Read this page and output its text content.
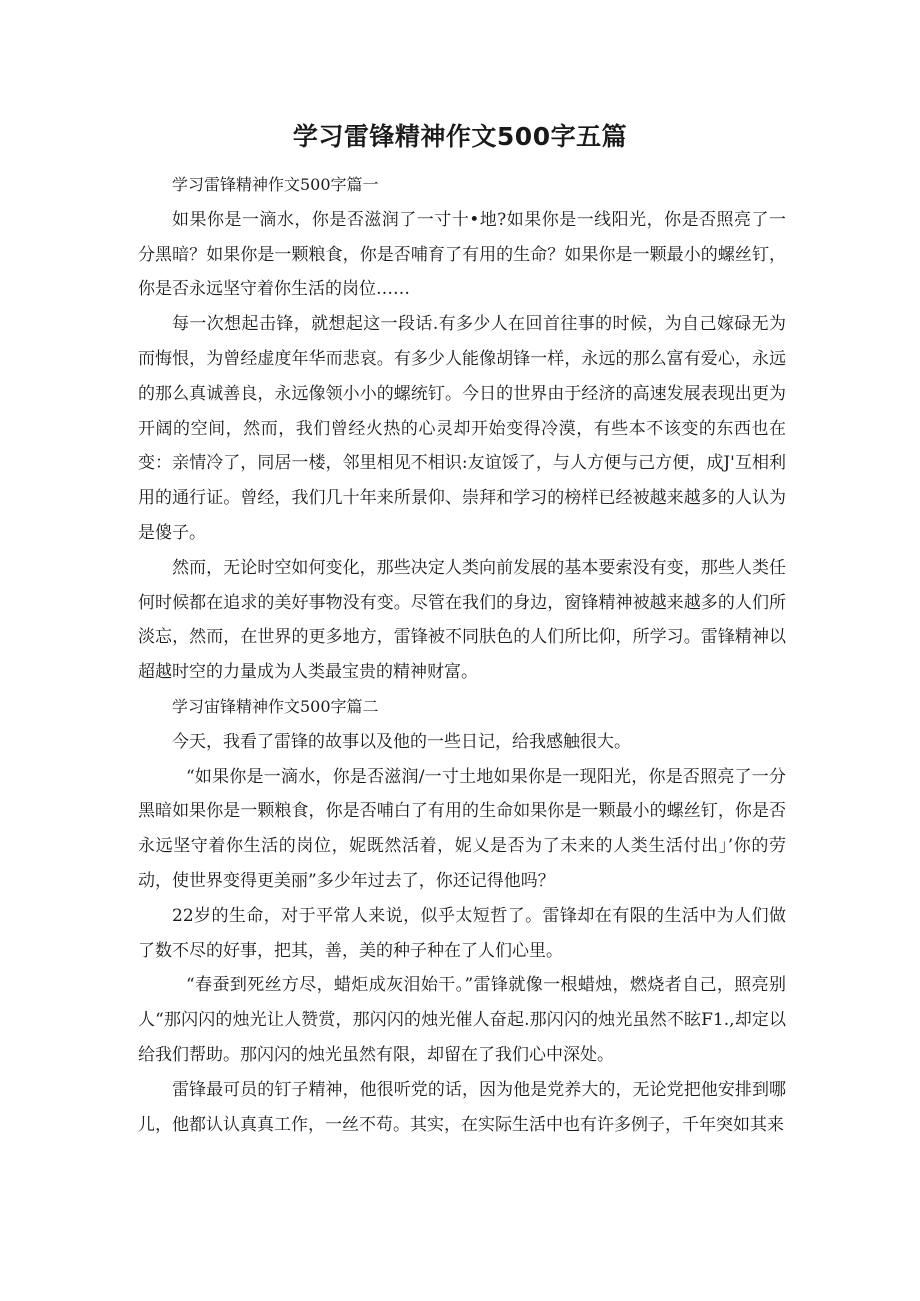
学习雷锋精神作文500字五篇

学习雷锋精神作文500字篇一

如果你是一滴水，你是否滋润了一寸十•地?如果你是一线阳光，你是否照亮了一分黑暗？如果你是一颗粮食，你是否哺育了有用的生命？如果你是一颗最小的螺丝钉，你是否永远坚守着你生活的岗位……

每一次想起击锋，就想起这一段话.有多少人在回首往事的时候，为自己嫁碌无为而悔恨，为曾经虚度年华而悲哀。有多少人能像胡锋一样，永远的那么富有爱心，永远的那么真诚善良，永远像领小小的螺统钉。今日的世界由于经济的高速发展表现出更为开阔的空间，然而，我们曾经火热的心灵却开始变得冷漠，有些本不该变的东西也在变：亲情冷了，同居一楼，邻里相见不相识:友谊馁了，与人方便与己方便，成J'互相利用的通行证。曾经，我们几十年来所景仰、崇拜和学习的榜样已经被越来越多的人认为是傻子。

然而，无论时空如何变化，那些决定人类向前发展的基本要索没有变，那些人类任何时候都在追求的美好事物没有变。尽管在我们的身边，窗锋精神被越来越多的人们所淡忘，然而，在世界的更多地方，雷锋被不同肤色的人们所比仰，所学习。雷锋精神以超越时空的力量成为人类最宝贵的精神财富。

学习宙锋精神作文500字篇二

今天，我看了雷锋的故事以及他的一些日记，给我感触很大。

“如果你是一滴水，你是否滋润/一寸土地如果你是一现阳光，你是否照亮了一分黑暗如果你是一颗粮食，你是否哺白了有用的生命如果你是一颗最小的螺丝钉，你是否永远坚守着你生活的岗位，妮既然活着，妮乂是否为了未来的人类生活付出」’你的劳动，使世界变得更美丽”多少年过去了，你还记得他吗？

22岁的生命，对于平常人来说，似乎太短哲了。雷锋却在有限的生活中为人们做了数不尽的好事，把其，善，美的种子种在了人们心里。

“春蚕到死丝方尽，蜡炬成灰泪始干。”雷锋就像一根蜡烛，燃烧者自己，照亮别人“那闪闪的烛光让人赞赏，那闪闪的烛光催人奋起.那闪闪的烛光虽然不眩F1.,却定以给我们帮助。那闪闪的烛光虽然有限，却留在了我们心中深处。

雷锋最可员的钉子精神，他很听党的话，因为他是党养大的，无论党把他安排到哪儿，他都认认真真工作，一丝不苟。其实，在实际生活中也有许多例子，千年突如其来
